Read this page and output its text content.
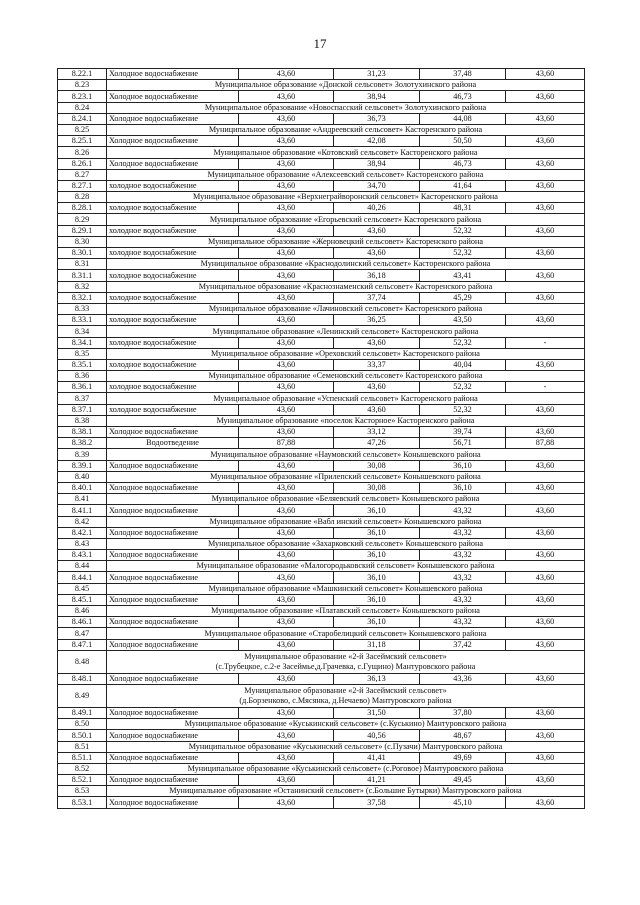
17
8.22.1	Холодное водоснабжение	43,60	31,23	37,48	43,60
8.23	Муниципальное образование «Донской сельсовет» Золотухинского района				
8.23.1	Холодное водоснабжение	43,60	38,94	46,73	43,60
8.24	Муниципальное образование «Новоспасский сельсовет» Золотухинского района				
8.24.1	Холодное водоснабжение	43,60	36,73	44,08	43,60
8.25	Муниципальное образование «Андреевский сельсовет» Касторенского района				
8.25.1	Холодное водоснабжение	43,60	42,08	50,50	43,60
8.26	Муниципальное образование «Котовский сельсовет» Касторенского района				
8.26.1	Холодное водоснабжение	43,60	38,94	46,73	43,60
8.27	Муниципальное образование «Алексеевский сельсовет» Касторенского района				
8.27.1	холодное водоснабжение	43,60	34,70	41,64	43,60
8.28	Муниципальное образование «Верхнеграйворонский сельсовет» Касторенского района				
8.28.1	холодное водоснабжение	43,60	40,26	48,31	43,60
8.29	Муниципальное образование «Егорьевский сельсовет» Касторенского района				
8.29.1	холодное водоснабжение	43,60	43,60	52,32	43,60
8.30	Муниципальное образование «Жерновецкий сельсовет» Касторенского района				
8.30.1	холодное водоснабжение	43,60	43,60	52,32	43,60
8.31	Муниципальное образование «Краснодолинский сельсовет» Касторенского района				
8.31.1	холодное водоснабжение	43,60	36,18	43,41	43,60
8.32	Муниципальное образование «Краснознаменский сельсовет» Касторенского района				
8.32.1	холодное водоснабжение	43,60	37,74	45,29	43,60
8.33	Муниципальное образование «Лачиновский сельсовет» Касторенского района				
8.33.1	холодное водоснабжение	43,60	36,25	43,50	43,60
8.34	Муниципальное образование «Ленинский сельсовет» Касторенского района				
8.34.1	холодное водоснабжение	43,60	43,60	52,32	-
8.35	Муниципальное образование «Ореховский сельсовет» Касторенского района				
8.35.1	холодное водоснабжение	43,60	33,37	40,04	43,60
8.36	Муниципальное образование «Семеновский сельсовет» Касторенского района				
8.36.1	холодное водоснабжение	43,60	43,60	52,32	-
8.37	Муниципальное образование «Успенский сельсовет» Касторенского района				
8.37.1	холодное водоснабжение	43,60	43,60	52,32	43,60
8.38	Муниципальное образование «поселок Касторное» Касторенского района				
8.38.1	Холодное водоснабжение	43,60	33,12	39,74	43,60
8.38.2	Водоотведение	87,88	47,26	56,71	87,88
8.39	Муниципальное образование «Наумовский сельсовет» Конышевского района				
8.39.1	Холодное водоснабжение	43,60	30,08	36,10	43,60
8.40	Муниципальное образование «Прилепский сельсовет» Конышевского района				
8.40.1	Холодное водоснабжение	43,60	30,08	36,10	43,60
8.41	Муниципальное образование «Беляевский сельсовет» Конышевского района				
8.41.1	Холодное водоснабжение	43,60	36,10	43,32	43,60
8.42	Муниципальное образование «Вабл инский сельсовет» Конышевского района				
8.42.1	Холодное водоснабжение	43,60	36,10	43,32	43,60
8.43	Муниципальное образование «Захарковский сельсовет» Конышевского района				
8.43.1	Холодное водоснабжение	43,60	36,10	43,32	43,60
8.44	Муниципальное образование «Малогородьковский сельсовет» Конышевского района				
8.44.1	Холодное водоснабжение	43,60	36,10	43,32	43,60
8.45	Муниципальное образование «Машкинский сельсовет» Конышевского района				
8.45.1	Холодное водоснабжение	43,60	36,10	43,32	43,60
8.46	Муниципальное образование «Платавский сельсовет» Конышевского района				
8.46.1	Холодное водоснабжение	43,60	36,10	43,32	43,60
8.47	Муниципальное образование «Старобелицкий сельсовет» Конышевского района				
8.47.1	Холодное водоснабжение	43,60	31,18	37,42	43,60
8.48	Муниципальное образование «2-й Засеймский сельсовет»
(с.Трубецкое, с.2-е Засеймье,д.Грачевка, с.Гущино) Мантуровского района				
8.48.1	Холодное водоснабжение	43,60	36,13	43,36	43,60
8.49	Муниципальное образование «2-й Засеймский сельсовет»
(д.Борзенково, с.Мясянка, д.Нечаево) Мантуровского района				
8.49.1	Холодное водоснабжение	43,60	31,50	37,80	43,60
8.50	Муниципальное образование «Куськинский сельсовет» (с.Куськино) Мантуровского района				
8.50.1	Холодное водоснабжение	43,60	40,56	48,67	43,60
8.51	Муниципальное образование «Куськинский сельсовет» (с.Пузачи) Мантуровского района				
8.51.1	Холодное водоснабжение	43,60	41,41	49,69	43,60
8.52	Муниципальное образование «Куськинский сельсовет» (с.Роговое) Мантуровского района				
8.52.1	Холодное водоснабжение	43,60	41,21	49,45	43,60
8.53	Муниципальное образование «Останинский сельсовет» (с.Большие Бутырки) Мантуровского района				
8.53.1	Холодное водоснабжение	43,60	37,58	45,10	43,60
